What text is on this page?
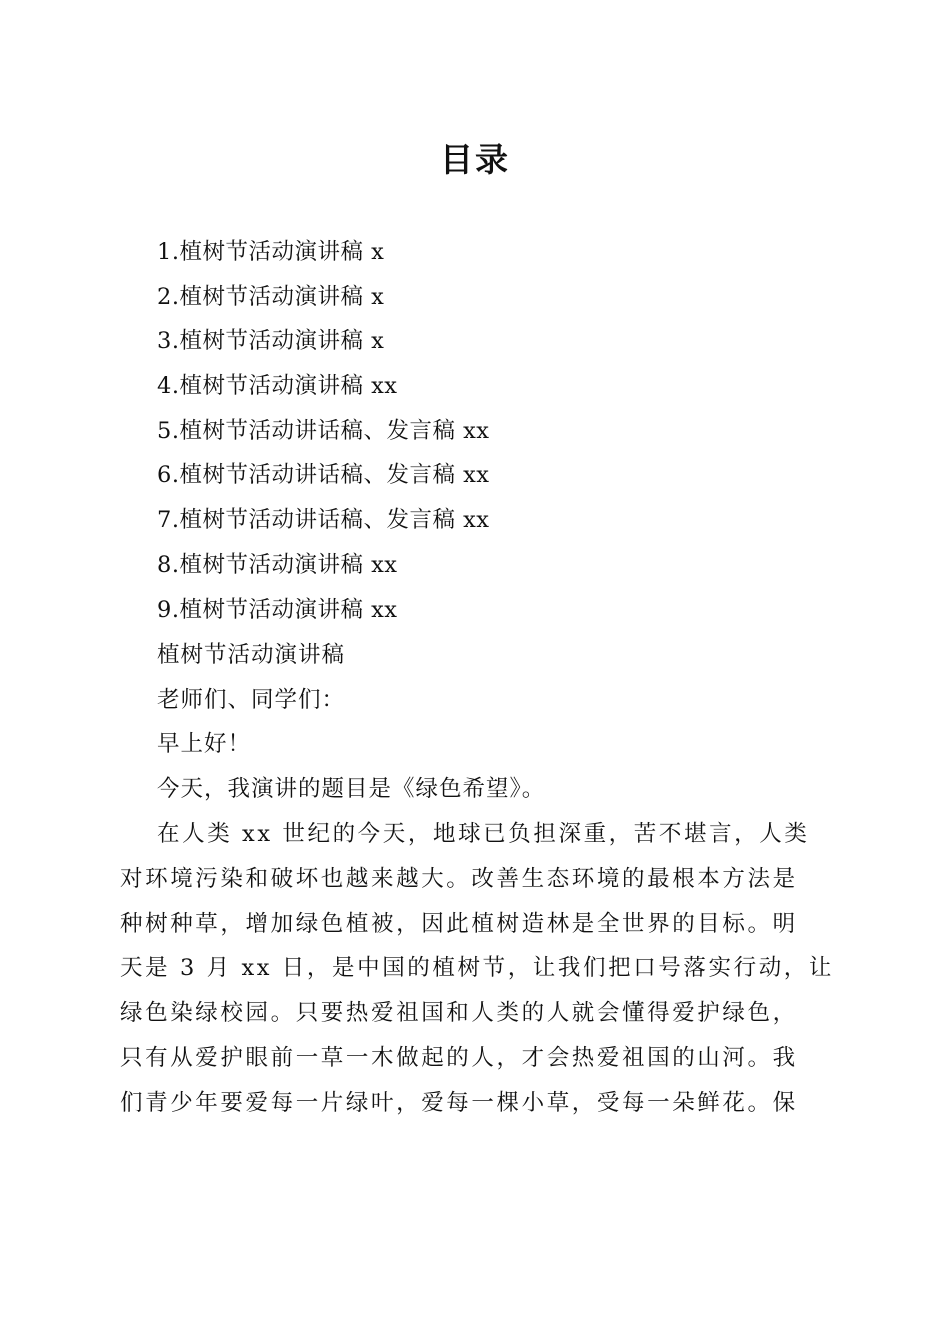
目录
1.植树节活动演讲稿 x
2.植树节活动演讲稿 x
3.植树节活动演讲稿 x
4.植树节活动演讲稿 xx
5.植树节活动讲话稿、发言稿 xx
6.植树节活动讲话稿、发言稿 xx
7.植树节活动讲话稿、发言稿 xx
8.植树节活动演讲稿 xx
9.植树节活动演讲稿 xx
植树节活动演讲稿
老师们、同学们：
早上好！
今天，我演讲的题目是《绿色希望》。
在人类 xx 世纪的今天，地球已负担深重，苦不堪言，人类
对环境污染和破坏也越来越大。改善生态环境的最根本方法是
种树种草，增加绿色植被，因此植树造林是全世界的目标。明
天是 3 月 xx 日，是中国的植树节，让我们把口号落实行动，让
绿色染绿校园。只要热爱祖国和人类的人就会懂得爱护绿色，
只有从爱护眼前一草一木做起的人，才会热爱祖国的山河。我
们青少年要爱每一片绿叶，爱每一棵小草，受每一朵鲜花。保
